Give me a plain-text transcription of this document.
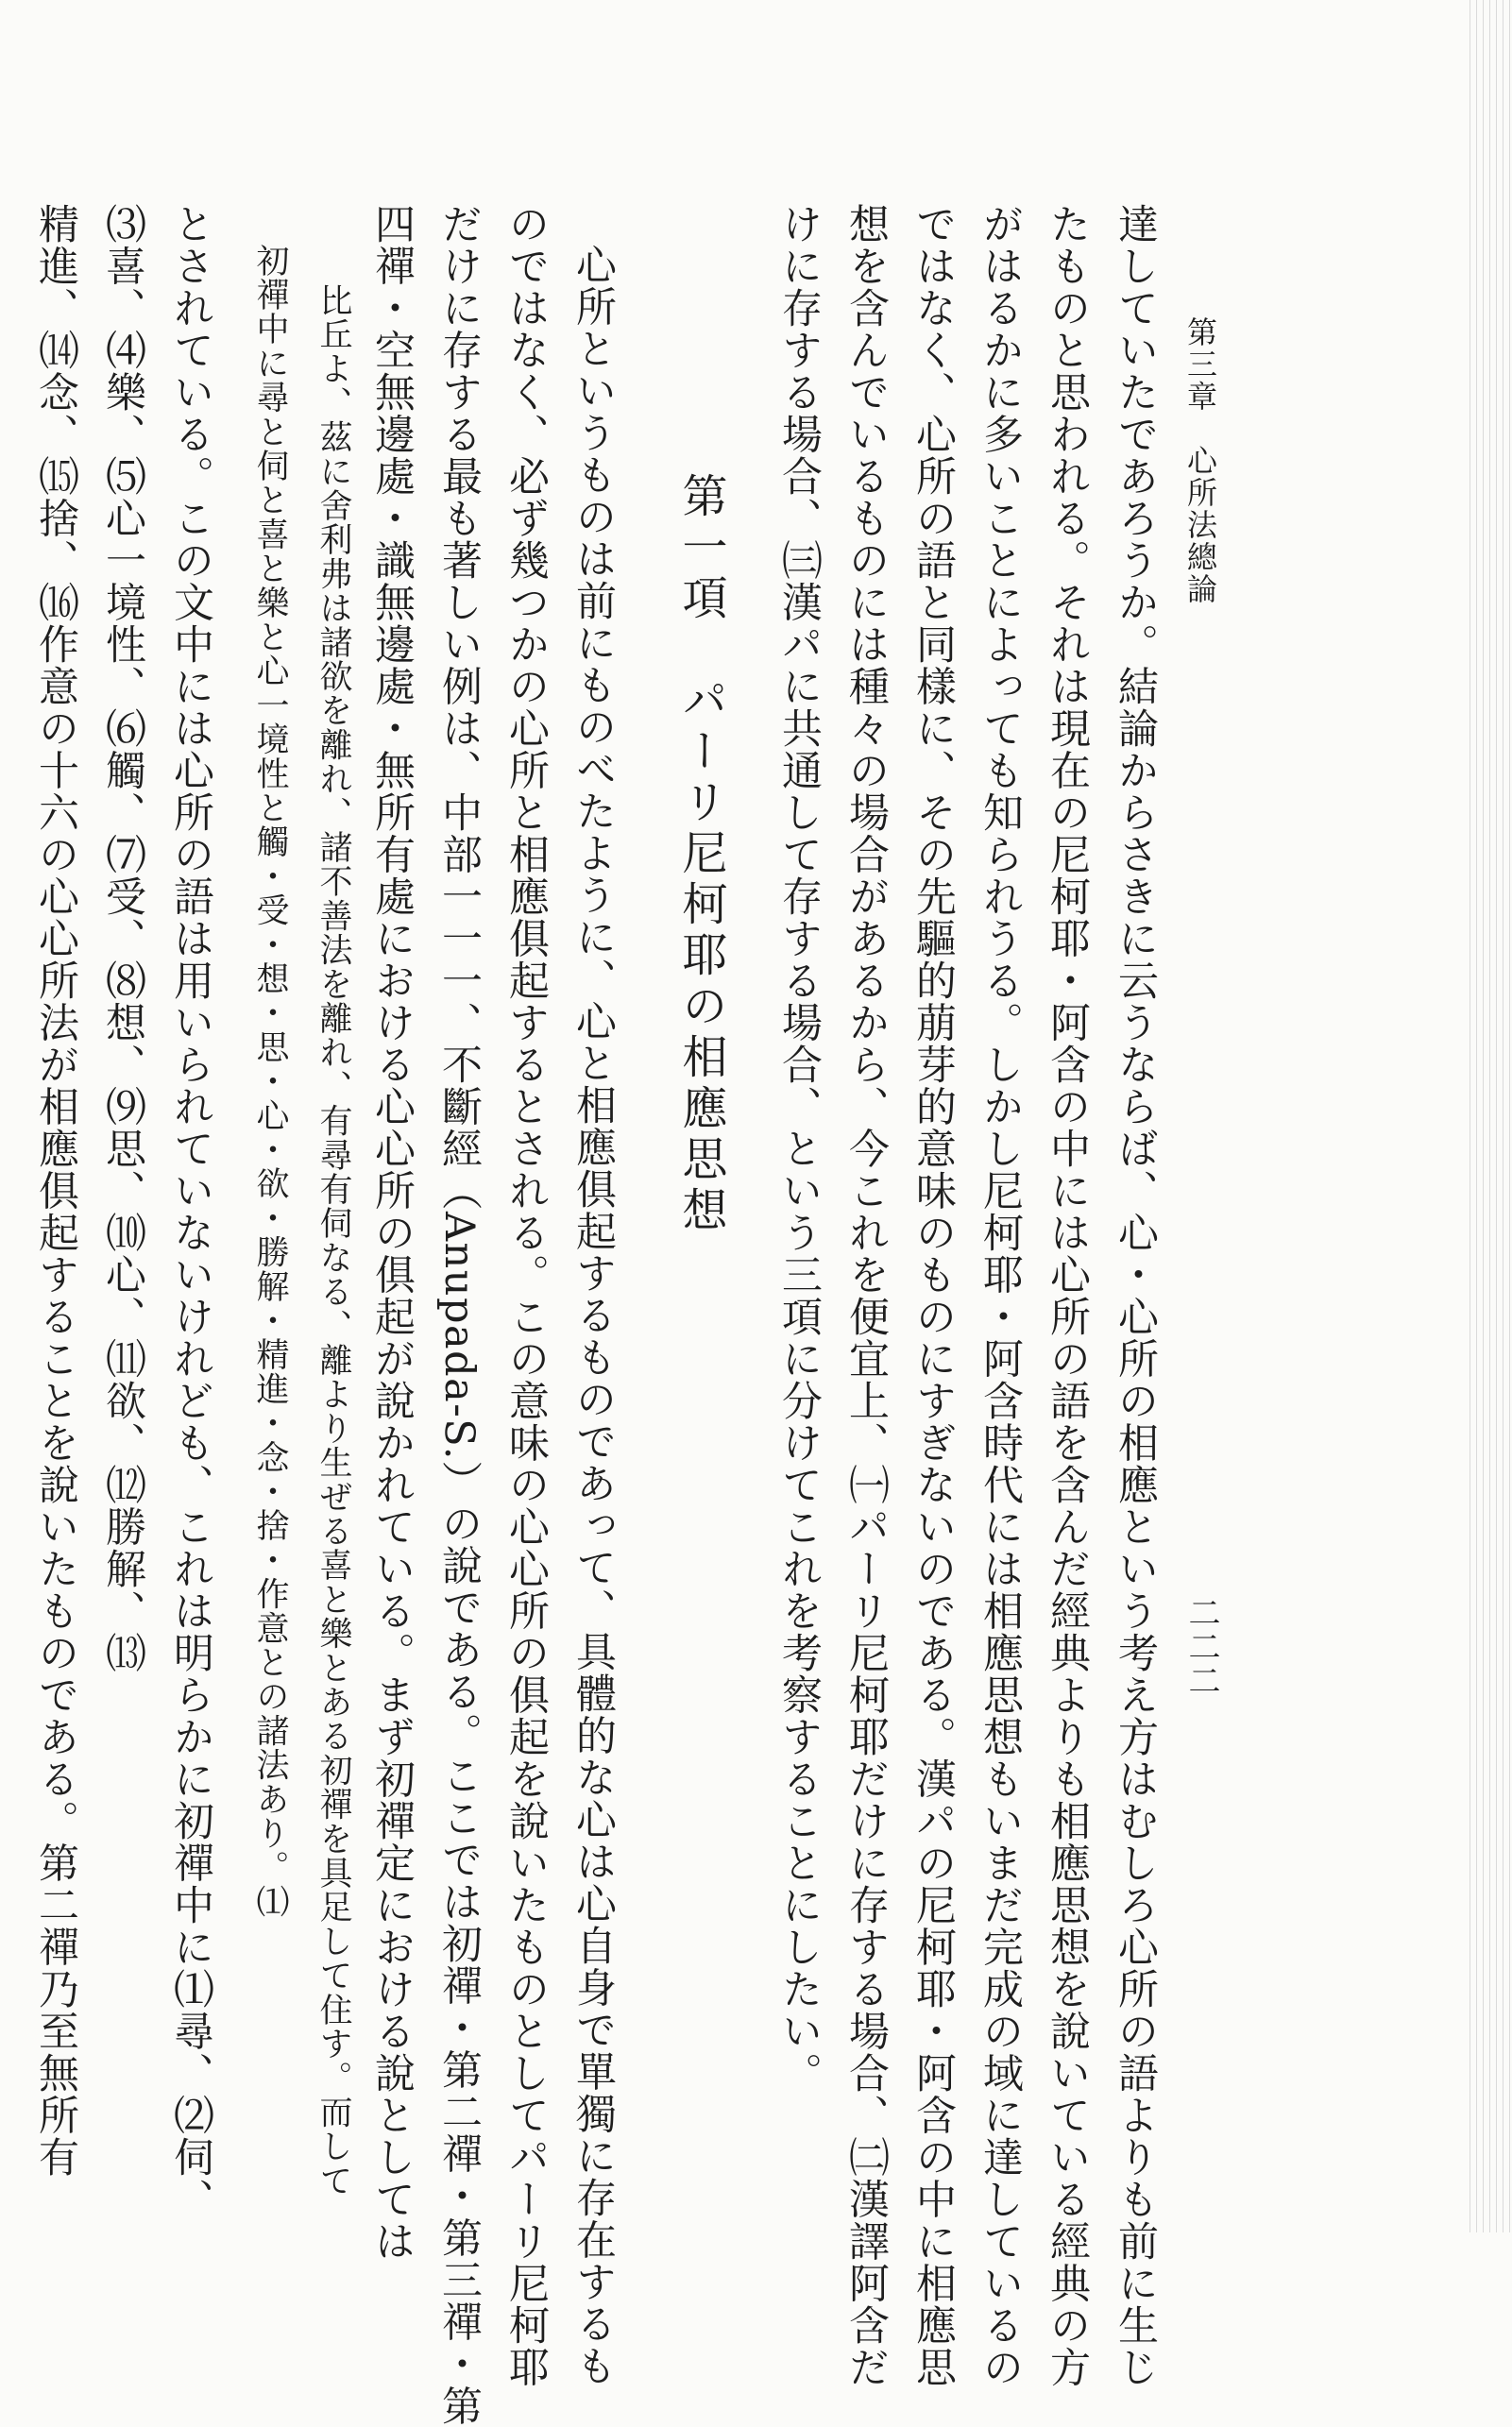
第三章心所法總論
二二二
達していたであろうか。結論からさきに云うならば、心・心所の相應という考え方はむしろ心所の語よりも前に生じ
たものと思われる。それは現在の尼柯耶・阿含の中には心所の語を含んだ經典よりも相應思想を說いている經典の方
がはるかに多いことによっても知られうる。しかし尼柯耶・阿含時代には相應思想もいまだ完成の域に達しているの
ではなく、心所の語と同樣に、その先驅的萠芽的意味のものにすぎないのである。漢パの尼柯耶・阿含の中に相應思
想を含んでいるものには種々の場合があるから、今これを便宜上、㈠パーリ尼柯耶だけに存する場合、㈡漢譯阿含だ
けに存する場合、㈢漢パに共通して存する場合、という三項に分けてこれを考察することにしたい。
第一項　パーリ尼柯耶の相應思想
心所というものは前にものべたように、心と相應俱起するものであって、具體的な心は心自身で單獨に存在するも
のではなく、必ず幾つかの心所と相應俱起するとされる。この意味の心心所の俱起を說いたものとしてパーリ尼柯耶
だけに存する最も著しい例は、中部一一一、不斷經（Anupada-S.）の說である。ここでは初禪・第二禪・第三禪・第
四禪・空無邊處・識無邊處・無所有處における心心所の俱起が說かれている。まず初禪定における說としては
比丘よ、茲に舍利弗は諸欲を離れ、諸不善法を離れ、有尋有伺なる、離より生ぜる喜と樂とある初禪を具足して住す。而して
初禪中に尋と伺と喜と樂と心一境性と觸・受・想・思・心・欲・勝解・精進・念・捨・作意との諸法あり。⑴
とされている。この文中には心所の語は用いられていないけれども、これは明らかに初禪中に⑴尋、⑵伺、
⑶喜、⑷樂、⑸心一境性、⑹觸、⑺受、⑻想、⑼思、⑽心、⑾欲、⑿勝解、⒀
精進、⒁念、⒂捨、⒃作意の十六の心心所法が相應俱起することを說いたものである。第二禪乃至無所有
